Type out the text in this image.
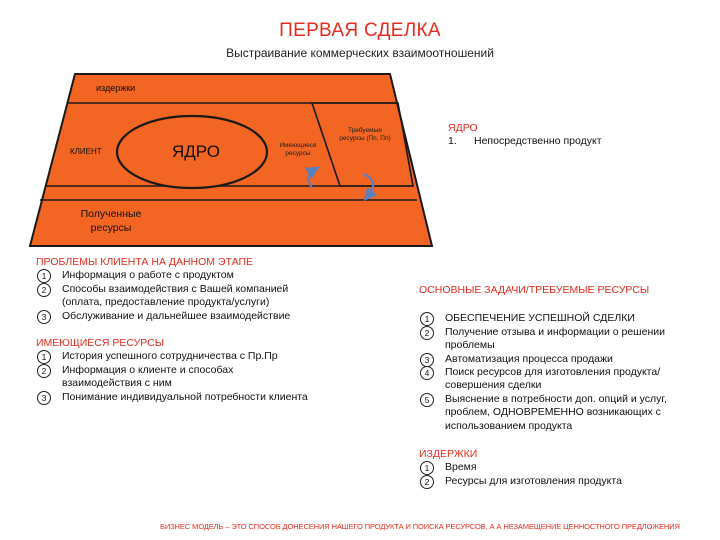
ПЕРВАЯ СДЕЛКА
Выстраивание коммерческих взаимоотношений
издержки
КЛИЕНТ	ЯДРО	Имеющиеся ресурсы
Требуемые ресурсы (Пп, Пп)
Полученные ресурсы
ЯДРО
1. Непосредственно продукт
ПРОБЛЕМЫ КЛИЕНТА НА ДАННОМ ЭТАПЕ
1	Информация о работе с продуктом
2	Способы взаимодействия с Вашей компанией (оплата, предоставление продукта/услуги)
3	Обслуживание и дальнейшее взаимодействие
ИМЕЮЩИЕСЯ РЕСУРСЫ
1	История успешного сотрудничества с Пр.Пр
2	Информация о клиенте и способах взаимодействия с ним
3	Понимание индивидуальной потребности клиента
ОСНОВНЫЕ ЗАДАЧИ/ТРЕБУЕМЫЕ РЕСУРСЫ
1	ОБЕСПЕЧЕНИЕ УСПЕШНОЙ СДЕЛКИ
2	Получение отзыва и информации о решении проблемы
3	Автоматизация процесса продажи
4	Поиск ресурсов для изготовления продукта/совершения сделки
5	Выяснение в потребности доп. опций и услуг, проблем, ОДНОВРЕМЕННО возникающих с использованием продукта
ИЗДЕРЖКИ
1	Время
2	Ресурсы для изготовления продукта
БИЗНЕС МОДЕЛЬ – ЭТО СПОСОБ ДОНЕСЕНИЯ НАШЕГО ПРОДУКТА И ПОИСКА РЕСУРСОВ, А А НЕЗАМЕЩЕНИЕ ЦЕННОСТНОГО ПРЕДЛОЖЕНИЯ
